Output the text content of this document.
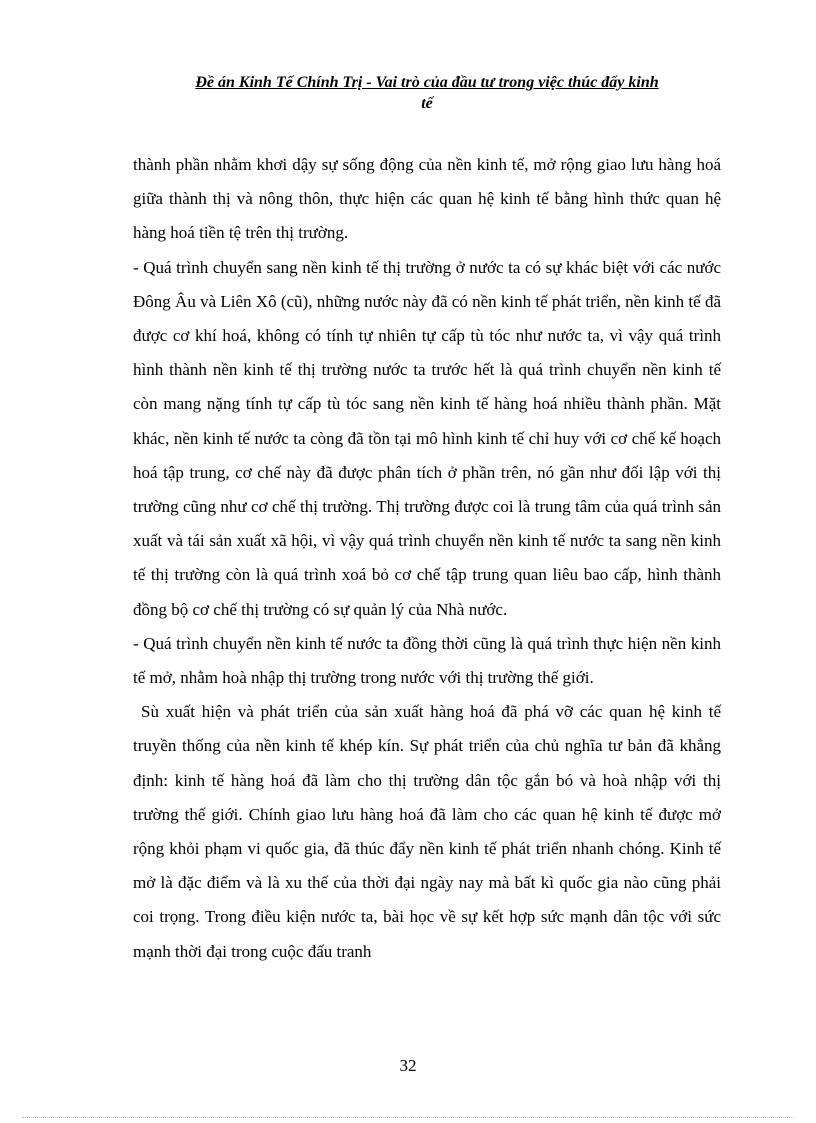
Đề án Kinh Tế Chính Trị - Vai trò của đầu tư trong việc thúc đẩy kinh
tế

thành phần nhằm khơi dậy sự sống động của nền kinh tế, mở rộng giao lưu hàng hoá giữa thành thị và nông thôn, thực hiện các quan hệ kinh tế bằng hình thức quan hệ hàng hoá tiền tệ trên thị trường.

- Quá trình chuyển sang nền kinh tế thị trường ở nước ta có sự khác biệt với các nước Đông Âu và Liên Xô (cũ), những nước này đã có nền kinh tế phát triển, nền kinh tế đã được cơ khí hoá, không có tính tự nhiên tự cấp tù tóc như nước ta, vì vậy quá trình hình thành nền kinh tế thị trường nước ta trước hết là quá trình chuyển nền kinh tế còn mang nặng tính tự cấp tù tóc sang nền kinh tế hàng hoá nhiều thành phần. Mặt khác, nền kinh tế nước ta còng đã tồn tại mô hình kinh tế chỉ huy với cơ chế kế hoạch hoá tập trung, cơ chế này đã được phân tích ở phần trên, nó gần như đối lập với thị trường cũng như cơ chế thị trường. Thị trường được coi là trung tâm của quá trình sản xuất và tái sản xuất xã hội, vì vậy quá trình chuyển nền kinh tế nước ta sang nền kinh tế thị trường còn là quá trình xoá bỏ cơ chế tập trung quan liêu bao cấp, hình thành đồng bộ cơ chế thị trường có sự quản lý của Nhà nước.

- Quá trình chuyển nền kinh tế nước ta đồng thời cũng là quá trình thực hiện nền kinh tế mở, nhằm hoà nhập thị trường trong nước với thị trường thế giới.

Sù xuất hiện và phát triển của sản xuất hàng hoá đã phá vỡ các quan hệ kinh tế truyền thống của nền kinh tế khép kín. Sự phát triển của chủ nghĩa tư bản đã khẳng định: kinh tế hàng hoá đã làm cho thị trường dân tộc gắn bó và hoà nhập với thị trường thế giới. Chính giao lưu hàng hoá đã làm cho các quan hệ kinh tế được mở rộng khỏi phạm vi quốc gia, đã thúc đẩy nền kinh tế phát triển nhanh chóng. Kinh tế mở là đặc điểm và là xu thế của thời đại ngày nay mà bất kì quốc gia nào cũng phải coi trọng. Trong điều kiện nước ta, bài học về sự kết hợp sức mạnh dân tộc với sức mạnh thời đại trong cuộc đấu tranh

32
